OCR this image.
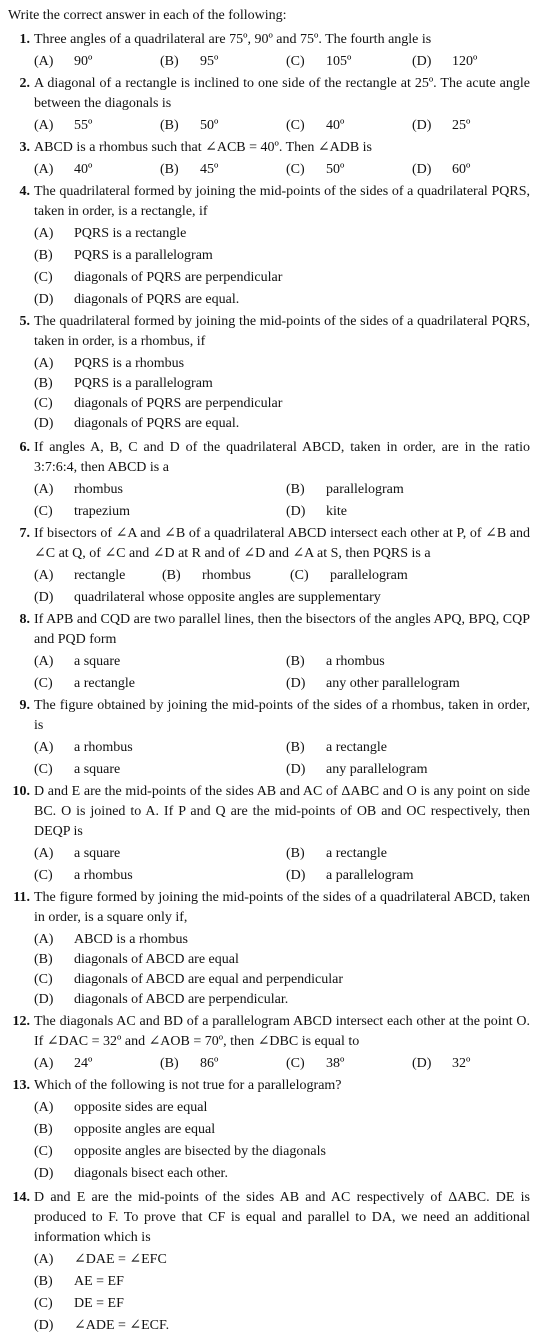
Write the correct answer in each of the following:
1. Three angles of a quadrilateral are 75º, 90º and 75º. The fourth angle is
(A)	90º	(B)	95º	(C)	105º	(D)	120º
2. A diagonal of a rectangle is inclined to one side of the rectangle at 25º. The acute angle between the diagonals is
(A)	55º	(B)	50º	(C)	40º	(D)	25º
3. ABCD is a rhombus such that ∠ACB = 40º. Then ∠ADB is
(A)	40º	(B)	45º	(C)	50º	(D)	60º
4. The quadrilateral formed by joining the mid-points of the sides of a quadrilateral PQRS, taken in order, is a rectangle, if
(A)	PQRS is a rectangle
(B)	PQRS is a parallelogram
(C)	diagonals of PQRS are perpendicular
(D)	diagonals of PQRS are equal.
5. The quadrilateral formed by joining the mid-points of the sides of a quadrilateral PQRS, taken in order, is a rhombus, if
(A)	PQRS is a rhombus
(B)	PQRS is a parallelogram
(C)	diagonals of PQRS are perpendicular
(D)	diagonals of PQRS are equal.
6. If angles A, B, C and D of the quadrilateral ABCD, taken in order, are in the ratio 3:7:6:4, then ABCD is a
(A)	rhombus	(B)	parallelogram
(C)	trapezium	(D)	kite
7. If bisectors of ∠A and ∠B of a quadrilateral ABCD intersect each other at P, of ∠B and ∠C at Q, of ∠C and ∠D at R and of ∠D and ∠A at S, then PQRS is a
(A)	rectangle	(B)	rhombus	(C)	parallelogram
(D)	quadrilateral whose opposite angles are supplementary
8. If APB and CQD are two parallel lines, then the bisectors of the angles APQ, BPQ, CQP and PQD form
(A)	a square	(B)	a rhombus
(C)	a rectangle	(D)	any other parallelogram
9. The figure obtained by joining the mid-points of the sides of a rhombus, taken in order, is
(A)	a rhombus	(B)	a rectangle
(C)	a square	(D)	any parallelogram
10. D and E are the mid-points of the sides AB and AC of ΔABC and O is any point on side BC. O is joined to A. If P and Q are the mid-points of OB and OC respectively, then DEQP is
(A)	a square	(B)	a rectangle
(C)	a rhombus	(D)	a parallelogram
11. The figure formed by joining the mid-points of the sides of a quadrilateral ABCD, taken in order, is a square only if,
(A)	ABCD is a rhombus
(B)	diagonals of ABCD are equal
(C)	diagonals of ABCD are equal and perpendicular
(D)	diagonals of ABCD are perpendicular.
12. The diagonals AC and BD of a parallelogram ABCD intersect each other at the point O. If ∠DAC = 32º and ∠AOB = 70º, then ∠DBC is equal to
(A)	24º	(B)	86º	(C)	38º	(D)	32º
13. Which of the following is not true for a parallelogram?
(A)	opposite sides are equal
(B)	opposite angles are equal
(C)	opposite angles are bisected by the diagonals
(D)	diagonals bisect each other.
14. D and E are the mid-points of the sides AB and AC respectively of ΔABC. DE is produced to F. To prove that CF is equal and parallel to DA, we need an additional information which is
(A)	∠DAE = ∠EFC
(B)	AE = EF
(C)	DE = EF
(D)	∠ADE = ∠ECF.
